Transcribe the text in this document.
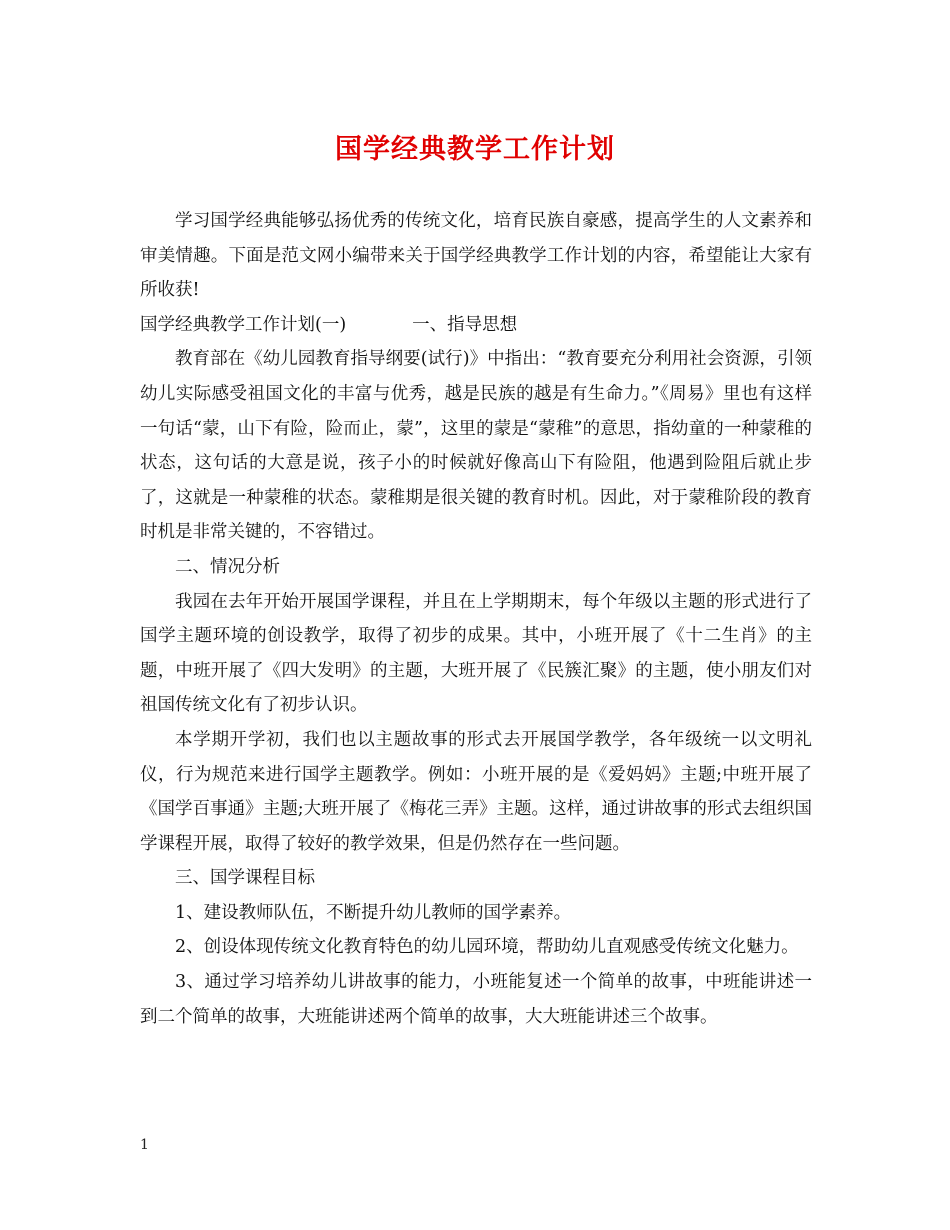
国学经典教学工作计划

学习国学经典能够弘扬优秀的传统文化，培育民族自豪感，提高学生的人文素养和审美情趣。下面是范文网小编带来关于国学经典教学工作计划的内容，希望能让大家有所收获!

国学经典教学工作计划(一)	一、指导思想

教育部在《幼儿园教育指导纲要(试行)》中指出：“教育要充分利用社会资源，引领幼儿实际感受祖国文化的丰富与优秀，越是民族的越是有生命力。”《周易》里也有这样一句话“蒙，山下有险，险而止，蒙”，这里的蒙是“蒙稚”的意思，指幼童的一种蒙稚的状态，这句话的大意是说，孩子小的时候就好像高山下有险阻，他遇到险阻后就止步了，这就是一种蒙稚的状态。蒙稚期是很关键的教育时机。因此，对于蒙稚阶段的教育时机是非常关键的，不容错过。

二、情况分析

我园在去年开始开展国学课程，并且在上学期期末，每个年级以主题的形式进行了国学主题环境的创设教学，取得了初步的成果。其中，小班开展了《十二生肖》的主题，中班开展了《四大发明》的主题，大班开展了《民簇汇聚》的主题，使小朋友们对祖国传统文化有了初步认识。

本学期开学初，我们也以主题故事的形式去开展国学教学，各年级统一以文明礼仪，行为规范来进行国学主题教学。例如：小班开展的是《爱妈妈》主题;中班开展了《国学百事通》主题;大班开展了《梅花三弄》主题。这样，通过讲故事的形式去组织国学课程开展，取得了较好的教学效果，但是仍然存在一些问题。

三、国学课程目标

1、建设教师队伍，不断提升幼儿教师的国学素养。

2、创设体现传统文化教育特色的幼儿园环境，帮助幼儿直观感受传统文化魅力。

3、通过学习培养幼儿讲故事的能力，小班能复述一个简单的故事，中班能讲述一到二个简单的故事，大班能讲述两个简单的故事，大大班能讲述三个故事。

1
